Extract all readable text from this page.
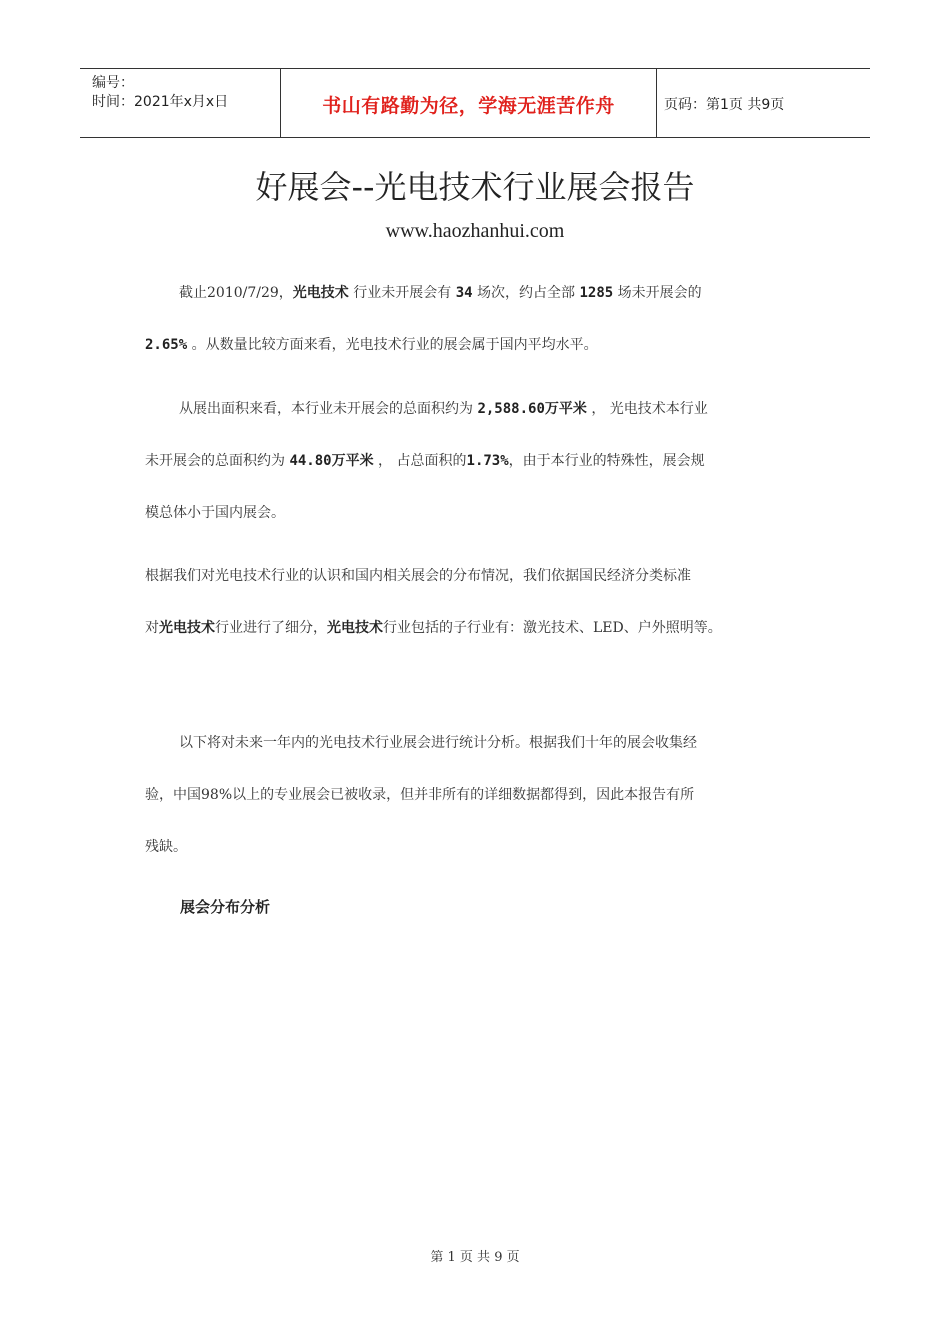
编号：
时间：2021年x月x日	书山有路勤为径，学海无涯苦作舟	页码：第1页 共9页
好展会--光电技术行业展会报告
www.haozhanhui.com
截止2010/7/29，光电技术 行业未开展会有 34 场次，约占全部 1285 场未开展会的
2.65% 。从数量比较方面来看，光电技术行业的展会属于国内平均水平。
从展出面积来看，本行业未开展会的总面积约为 2,588.60万平米 ， 光电技术本行业
未开展会的总面积约为 44.80万平米 ， 占总面积的1.73%，由于本行业的特殊性，展会规
模总体小于国内展会。
根据我们对光电技术行业的认识和国内相关展会的分布情况，我们依据国民经济分类标准
对光电技术行业进行了细分，光电技术行业包括的子行业有：激光技术、LED、户外照明等。
以下将对未来一年内的光电技术行业展会进行统计分析。根据我们十年的展会收集经
验，中国98%以上的专业展会已被收录，但并非所有的详细数据都得到，因此本报告有所
残缺。
展会分布分析
第 1 页 共 9 页
